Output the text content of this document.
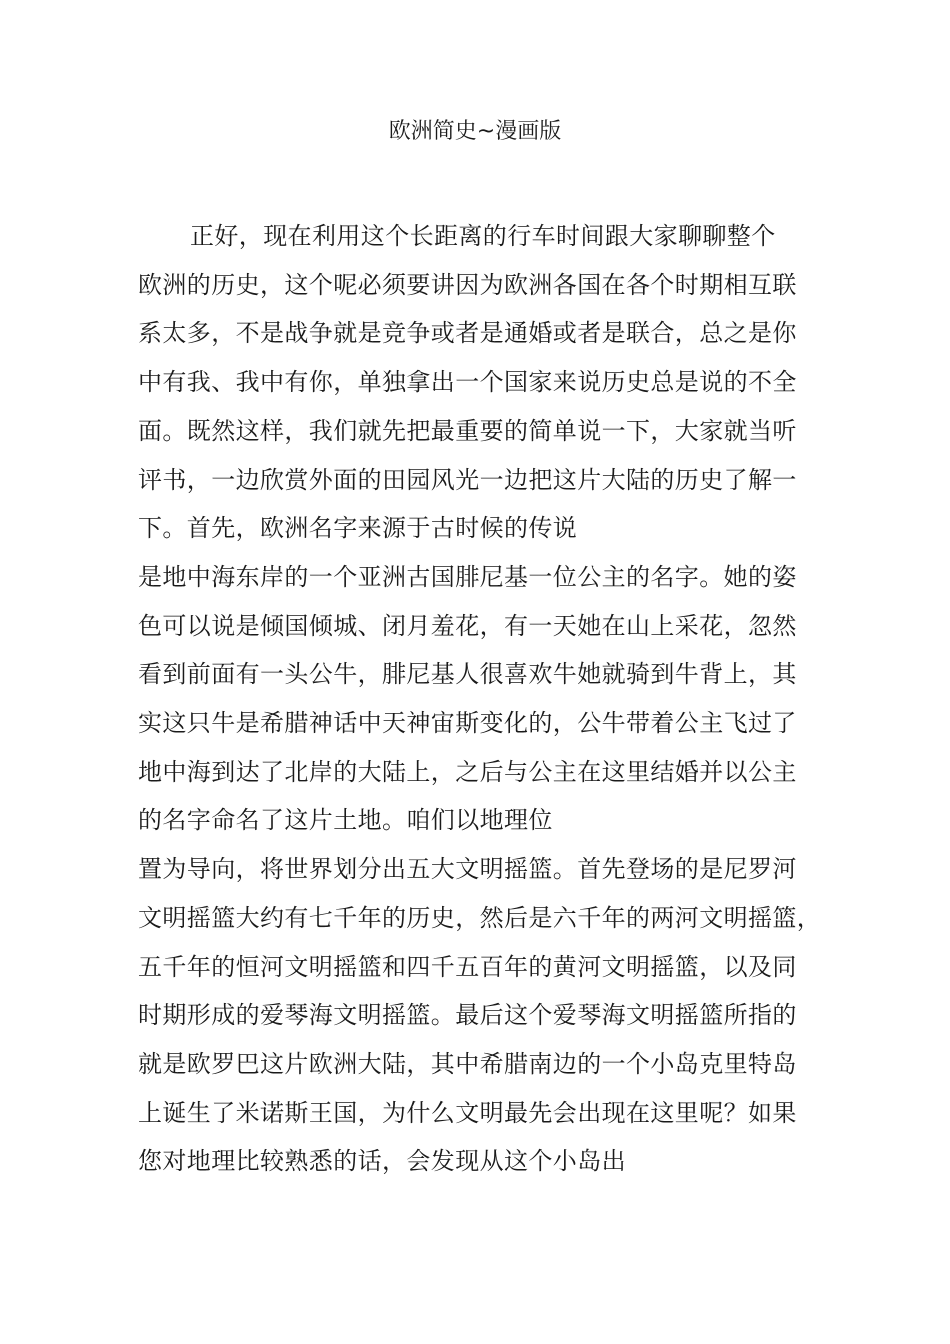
欧洲简史~漫画版
正好，现在利用这个长距离的行车时间跟大家聊聊整个
欧洲的历史，这个呢必须要讲因为欧洲各国在各个时期相互联
系太多，不是战争就是竞争或者是通婚或者是联合，总之是你
中有我、我中有你，单独拿出一个国家来说历史总是说的不全
面。既然这样，我们就先把最重要的简单说一下，大家就当听
评书，一边欣赏外面的田园风光一边把这片大陆的历史了解一
下。首先，欧洲名字来源于古时候的传说
是地中海东岸的一个亚洲古国腓尼基一位公主的名字。她的姿
色可以说是倾国倾城、闭月羞花，有一天她在山上采花，忽然
看到前面有一头公牛，腓尼基人很喜欢牛她就骑到牛背上，其
实这只牛是希腊神话中天神宙斯变化的，公牛带着公主飞过了
地中海到达了北岸的大陆上，之后与公主在这里结婚并以公主
的名字命名了这片土地。咱们以地理位
置为导向，将世界划分出五大文明摇篮。首先登场的是尼罗河
文明摇篮大约有七千年的历史，然后是六千年的两河文明摇篮，
五千年的恒河文明摇篮和四千五百年的黄河文明摇篮，以及同
时期形成的爱琴海文明摇篮。最后这个爱琴海文明摇篮所指的
就是欧罗巴这片欧洲大陆，其中希腊南边的一个小岛克里特岛
上诞生了米诺斯王国，为什么文明最先会出现在这里呢？如果
您对地理比较熟悉的话，会发现从这个小岛出
